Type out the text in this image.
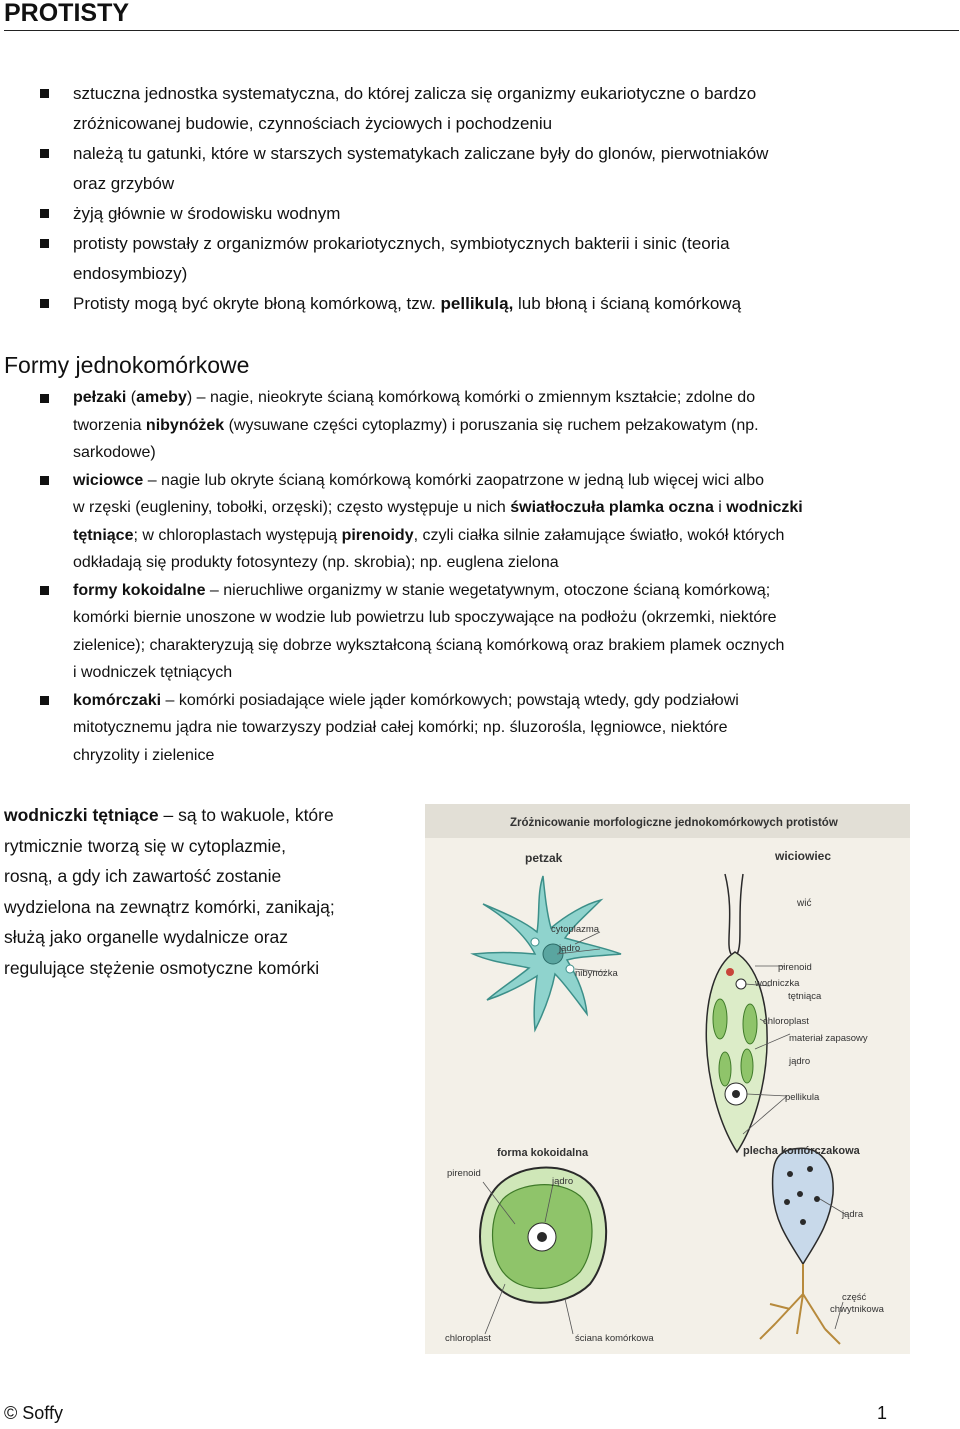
PROTISTY
sztuczna jednostka systematyczna, do której zalicza się organizmy eukariotyczne o bardzo
zróżnicowanej budowie, czynnościach życiowych i pochodzeniu
należą tu gatunki, które w starszych systematykach zaliczane były do glonów, pierwotniaków
oraz grzybów
żyją głównie w środowisku wodnym
protisty powstały z organizmów prokariotycznych, symbiotycznych bakterii i sinic (teoria
endosymbiozy)
Protisty mogą być okryte błoną komórkową, tzw. pellikulą, lub błoną i ścianą komórkową
Formy jednokomórkowe
pełzaki (ameby) – nagie, nieokryte ścianą komórkową komórki o zmiennym kształcie; zdolne do
tworzenia nibynóżek (wysuwane części cytoplazmy) i poruszania się ruchem pełzakowatym (np.
sarkodowe)
wiciowce – nagie lub okryte ścianą komórkową komórki zaopatrzone w jedną lub więcej wici albo
w rzęski (eugleniny, tobołki, orzęski); często występuje u nich światłoczuła plamka oczna i wodniczki
tętniące; w chloroplastach występują pirenoidy, czyli ciałka silnie załamujące światło, wokół których
odkładają się produkty fotosyntezy (np. skrobia); np. euglena zielona
formy kokoidalne – nieruchliwe organizmy w stanie wegetatywnym, otoczone ścianą komórkową;
komórki biernie unoszone w wodzie lub powietrzu lub spoczywające na podłożu (okrzemki, niektóre
zielenice); charakteryzują się dobrze wykształconą ścianą komórkową oraz brakiem plamek ocznych
i wodniczek tętniących
komórczaki – komórki posiadające wiele jąder komórkowych; powstają wtedy, gdy podziałowi
mitotycznemu jądra nie towarzyszy podział całej komórki; np. śluzorośla, lęgniowce, niektóre
chryzolity i zielenice
wodniczki tętniące – są to wakuole, które
rytmicznie tworzą się w cytoplazmie,
rosną, a gdy ich zawartość zostanie
wydzielona na zewnątrz komórki, zanikają;
służą jako organelle wydalnicze oraz
regulujące stężenie osmotyczne komórki
Zróżnicowanie morfologiczne jednokomórkowych protistów
petzak	wiciowiec
cytoplazma
jądro
nibynóżka
wić
pirenoid
wodniczka
tętniąca
chloroplast
materiał zapasowy
jądro
pellikula
forma kokoidalna	plecha komórczakowa
pirenoid
jądro
jądra
część
chwytnikowa
chloroplast	ściana komórkowa
© Soffy	1
